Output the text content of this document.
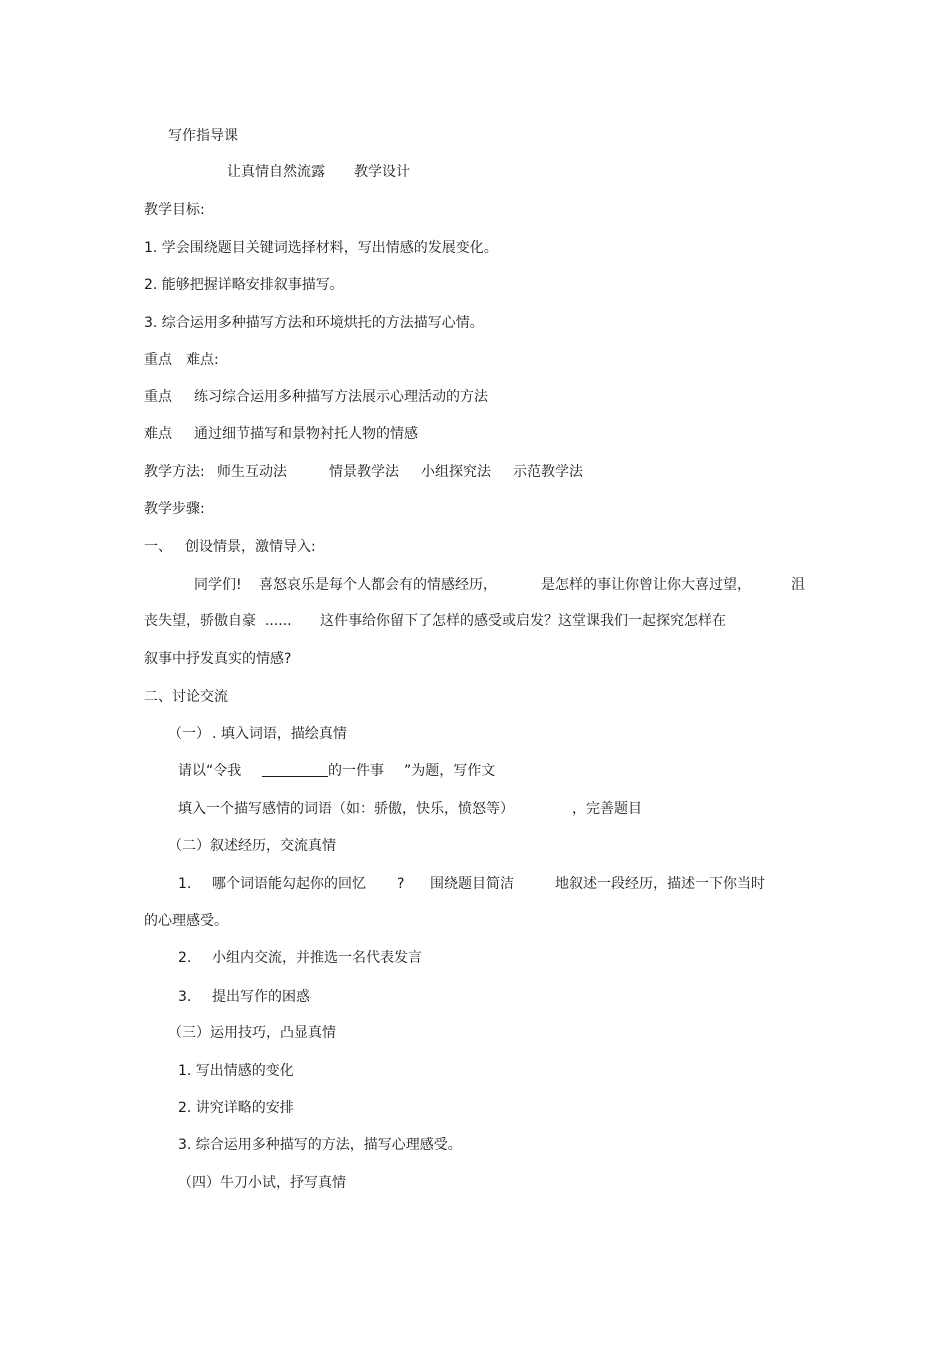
写作指导课

让真情自然流露

教学设计

教学目标:
1. 学会围绕题目关键词选择材料，写出情感的发展变化。
2. 能够把握详略安排叙事描写。
3. 综合运用多种描写方法和环境烘托的方法描写心情。

重点

难点:

重点

练习综合运用多种描写方法展示心理活动的方法

难点

通过细节描写和景物衬托人物的情感

教学方法:

师生互动法

	情景教学法

小组探究法

示范教学法

教学步骤:

一、

创设情景，激情导入:

同学们!

喜怒哀乐是每个人都会有的情感经历，

	是怎样的事让你曾让你大喜过望，

	沮

丧失望，骄傲自豪  ......

这件事给你留下了怎样的感受或启发？这堂课我们一起探究怎样在

叙事中抒发真实的情感?
二、讨论交流

（一）

. 填入词语，描绘真情

请以“令我

	的一件事

”为题，写作文

填入一个描写感情的词语（如：骄傲，快乐，愤怒等）

	，完善题目

（二）叙述经历，交流真情

1.

哪个词语能勾起你的回忆

?

围绕题目简洁

	地叙述一段经历，描述一下你当时

的心理感受。

2.

小组内交流，并推选一名代表发言

3.

提出写作的困惑

（三）运用技巧，凸显真情
1. 写出情感的变化
2. 讲究详略的安排
3. 综合运用多种描写的方法，描写心理感受。
（四）牛刀小试，抒写真情
